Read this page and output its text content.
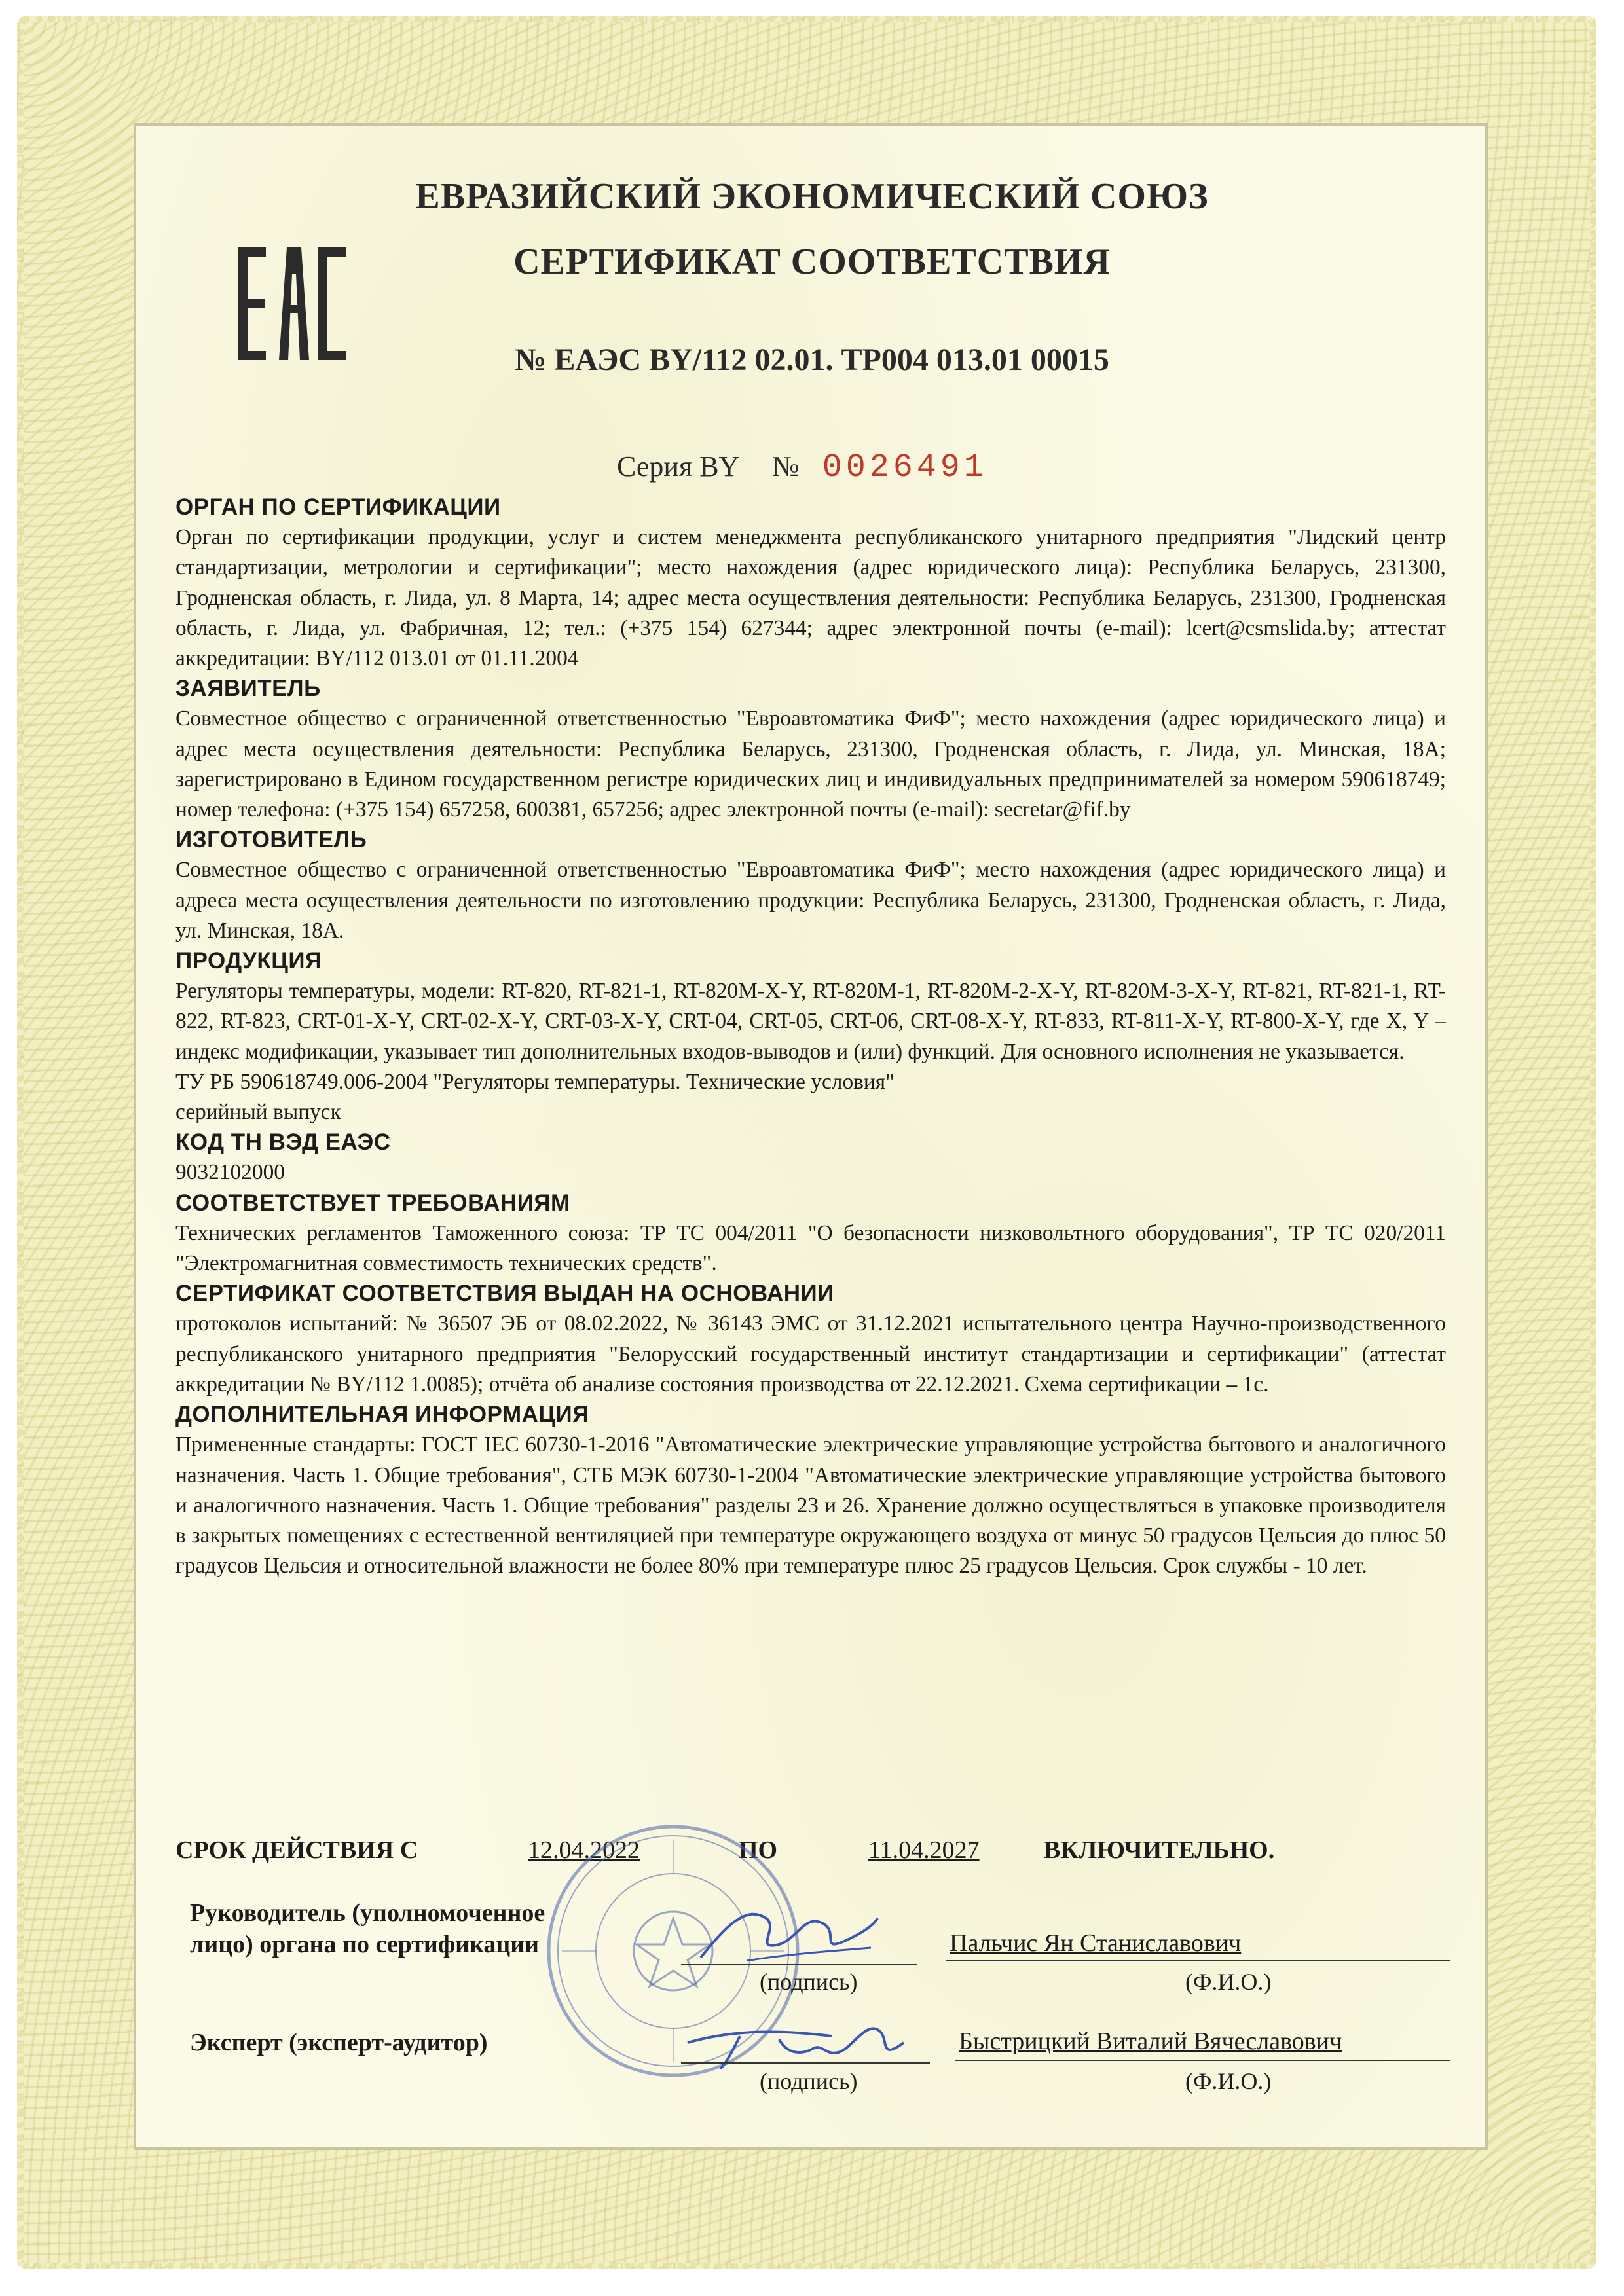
ЕВРАЗИЙСКИЙ ЭКОНОМИЧЕСКИЙ СОЮЗ
СЕРТИФИКАТ СООТВЕТСТВИЯ
№ ЕАЭС BY/112 02.01. ТР004 013.01 00015
Серия BY № 0026491
ОРГАН ПО СЕРТИФИКАЦИИ

Орган по сертификации продукции, услуг и систем менеджмента республиканского унитарного предприятия "Лидский центр стандартизации, метрологии и сертификации"; место нахождения (адрес юридического лица): Республика Беларусь, 231300, Гродненская область, г. Лида, ул. 8 Марта, 14; адрес места осуществления деятельности: Республика Беларусь, 231300, Гродненская область, г. Лида, ул. Фабричная, 12; тел.: (+375 154) 627344; адрес электронной почты (e-mail): lcert@csmslida.by; аттестат аккредитации: BY/112 013.01 от 01.11.2004

ЗАЯВИТЕЛЬ

Совместное общество с ограниченной ответственностью "Евроавтоматика ФиФ"; место нахождения (адрес юридического лица) и адрес места осуществления деятельности: Республика Беларусь, 231300, Гродненская область, г. Лида, ул. Минская, 18А; зарегистрировано в Едином государственном регистре юридических лиц и индивидуальных предпринимателей за номером 590618749; номер телефона: (+375 154) 657258, 600381, 657256; адрес электронной почты (e-mail): secretar@fif.by

ИЗГОТОВИТЕЛЬ

Совместное общество с ограниченной ответственностью "Евроавтоматика ФиФ"; место нахождения (адрес юридического лица) и адреса места осуществления деятельности по изготовлению продукции: Республика Беларусь, 231300, Гродненская область, г. Лида, ул. Минская, 18А.

ПРОДУКЦИЯ

Регуляторы температуры, модели: RT-820, RT-821-1, RT-820M-X-Y, RT-820M-1, RT-820M-2-X-Y, RT-820M-3-X-Y, RT-821, RT-821-1, RT-822, RT-823, CRT-01-X-Y, CRT-02-X-Y, CRT-03-X-Y, CRT-04, CRT-05, CRT-06, CRT-08-X-Y, RT-833, RT-811-X-Y, RT-800-X-Y, где X, Y – индекс модификации, указывает тип дополнительных входов-выводов и (или) функций. Для основного исполнения не указывается.

ТУ РБ 590618749.006-2004 "Регуляторы температуры. Технические условия"

серийный выпуск

КОД ТН ВЭД ЕАЭС

9032102000

СООТВЕТСТВУЕТ ТРЕБОВАНИЯМ

Технических регламентов Таможенного союза: ТР ТС 004/2011 "О безопасности низковольтного оборудования", ТР ТС 020/2011 "Электромагнитная совместимость технических средств".

СЕРТИФИКАТ СООТВЕТСТВИЯ ВЫДАН НА ОСНОВАНИИ

протоколов испытаний: № 36507 ЭБ от 08.02.2022, № 36143 ЭМС от 31.12.2021 испытательного центра Научно-производственного республиканского унитарного предприятия "Белорусский государственный институт стандартизации и сертификации" (аттестат аккредитации № BY/112 1.0085); отчёта об анализе состояния производства от 22.12.2021. Схема сертификации – 1с.

ДОПОЛНИТЕЛЬНАЯ ИНФОРМАЦИЯ

Примененные стандарты: ГОСТ IEC 60730-1-2016 "Автоматические электрические управляющие устройства бытового и аналогичного назначения. Часть 1. Общие требования", СТБ МЭК 60730-1-2004 "Автоматические электрические управляющие устройства бытового и аналогичного назначения. Часть 1. Общие требования" разделы 23 и 26. Хранение должно осуществляться в упаковке производителя в закрытых помещениях с естественной вентиляцией при температуре окружающего воздуха от минус 50 градусов Цельсия до плюс 50 градусов Цельсия и относительной влажности не более 80% при температуре плюс 25 градусов Цельсия. Срок службы - 10 лет.

СРОК ДЕЙСТВИЯ С	12.04.2022	ПО	11.04.2027	ВКЛЮЧИТЕЛЬНО.
Руководитель (уполномоченное
лицо) органа по сертификации
(подпись)
Пальчис Ян Станиславович
(Ф.И.О.)
Эксперт (эксперт-аудитор)
(подпись)
Быстрицкий Виталий Вячеславович
(Ф.И.О.)
